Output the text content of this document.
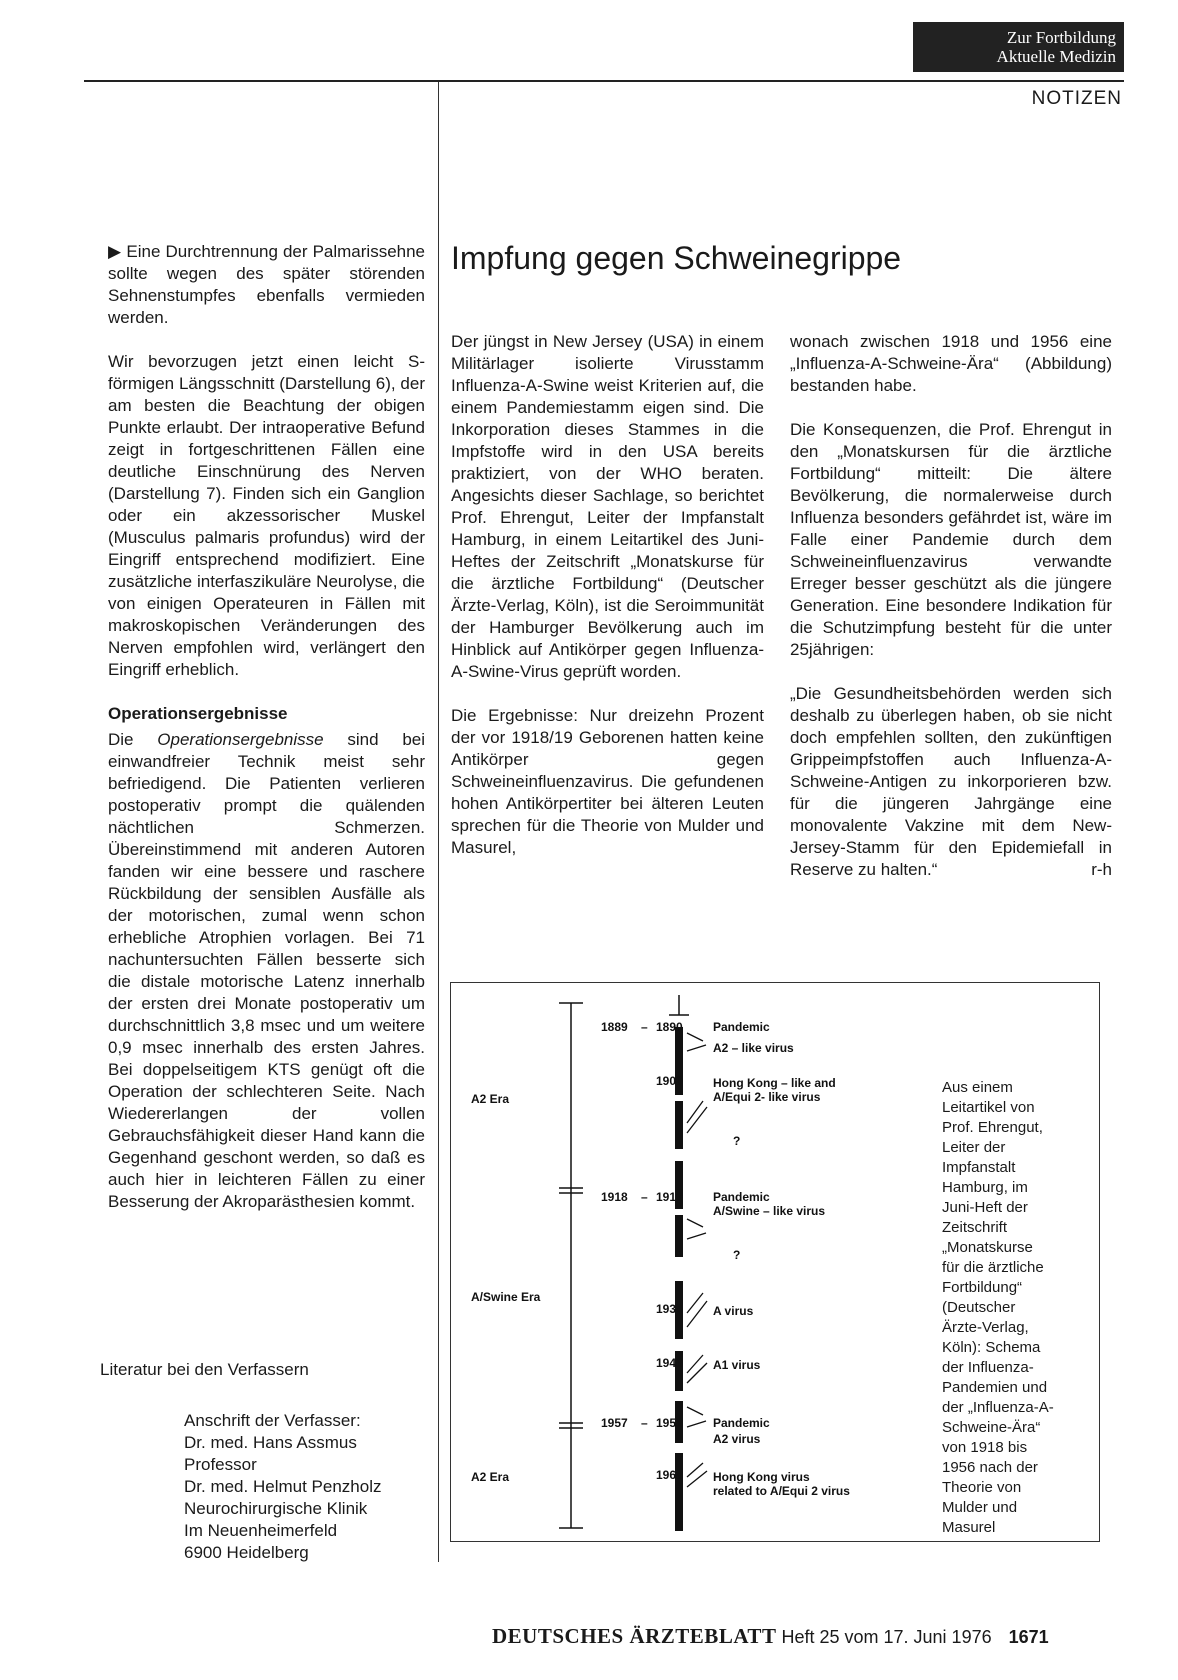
Zur Fortbildung
Aktuelle Medizin
NOTIZEN

▶ Eine Durchtrennung der Palmarissehne sollte wegen des später störenden Sehnenstumpfes ebenfalls vermieden werden.

Wir bevorzugen jetzt einen leicht S-förmigen Längsschnitt (Darstellung 6), der am besten die Beachtung der obigen Punkte erlaubt. Der intraoperative Befund zeigt in fortgeschrittenen Fällen eine deutliche Einschnürung des Nerven (Darstellung 7). Finden sich ein Ganglion oder ein akzessorischer Muskel (Musculus palmaris profundus) wird der Eingriff entsprechend modifiziert. Eine zusätzliche interfaszikuläre Neurolyse, die von einigen Operateuren in Fällen mit makroskopischen Veränderungen des Nerven empfohlen wird, verlängert den Eingriff erheblich.

Operationsergebnisse

Die Operationsergebnisse sind bei einwandfreier Technik meist sehr befriedigend. Die Patienten verlieren postoperativ prompt die quälenden nächtlichen Schmerzen. Übereinstimmend mit anderen Autoren fanden wir eine bessere und raschere Rückbildung der sensiblen Ausfälle als der motorischen, zumal wenn schon erhebliche Atrophien vorlagen. Bei 71 nachuntersuchten Fällen besserte sich die distale motorische Latenz innerhalb der ersten drei Monate postoperativ um durchschnittlich 3,8 msec und um weitere 0,9 msec innerhalb des ersten Jahres. Bei doppelseitigem KTS genügt oft die Operation der schlechteren Seite. Nach Wiedererlangen der vollen Gebrauchsfähigkeit dieser Hand kann die Gegenhand geschont werden, so daß es auch hier in leichteren Fällen zu einer Besserung der Akroparästhesien kommt.

Literatur bei den Verfassern
Anschrift der Verfasser:
Dr. med. Hans Assmus
Professor
Dr. med. Helmut Penzholz
Neurochirurgische Klinik
Im Neuenheimerfeld
6900 Heidelberg
Impfung gegen Schweinegrippe

Der jüngst in New Jersey (USA) in einem Militärlager isolierte Virusstamm Influenza-A-Swine weist Kriterien auf, die einem Pandemiestamm eigen sind. Die Inkorporation dieses Stammes in die Impfstoffe wird in den USA bereits praktiziert, von der WHO beraten. Angesichts dieser Sachlage, so berichtet Prof. Ehrengut, Leiter der Impfanstalt Hamburg, in einem Leitartikel des Juni-Heftes der Zeitschrift „Monatskurse für die ärztliche Fortbildung“ (Deutscher Ärzte-Verlag, Köln), ist die Seroimmunität der Hamburger Bevölkerung auch im Hinblick auf Antikörper gegen Influenza-A-Swine-Virus geprüft worden.

Die Ergebnisse: Nur dreizehn Prozent der vor 1918/19 Geborenen hatten keine Antikörper gegen Schweineinfluenzavirus. Die gefundenen hohen Antikörpertiter bei älteren Leuten sprechen für die Theorie von Mulder und Masurel,

wonach zwischen 1918 und 1956 eine „Influenza-A-Schweine-Ära“ (Abbildung) bestanden habe.

Die Konsequenzen, die Prof. Ehrengut in den „Monatskursen für die ärztliche Fortbildung“ mitteilt: Die ältere Bevölkerung, die normalerweise durch Influenza besonders gefährdet ist, wäre im Falle einer Pandemie durch dem Schweineinfluenzavirus verwandte Erreger besser geschützt als die jüngere Generation. Eine besondere Indikation für die Schutzimpfung besteht für die unter 25jährigen:

„Die Gesundheitsbehörden werden sich deshalb zu überlegen haben, ob sie nicht doch empfehlen sollten, den zukünftigen Grippeimpfstoffen auch Influenza-A-Schweine-Antigen zu inkorporieren bzw. für die jüngeren Jahrgänge eine monovalente Vakzine mit dem New-Jersey-Stamm für den Epidemiefall in Reserve zu halten.“	r-h

A2 Era
A/Swine Era
A2 Era
1889 – 1890	Pandemic
A2 – like virus
1900	Hong Kong – like and
A/Equi 2- like virus
?
1918 – 1919	Pandemic
A/Swine – like virus
?
1934	A virus
1946	A1 virus
1957 – 1958	Pandemic
A2 virus
1968	Hong Kong virus
related to A/Equi 2 virus
Aus einem
Leitartikel von
Prof. Ehrengut,
Leiter der
Impfanstalt
Hamburg, im
Juni-Heft der
Zeitschrift
„Monatskurse
für die ärztliche
Fortbildung“
(Deutscher
Ärzte-Verlag,
Köln): Schema
der Influenza-
Pandemien und
der „Influenza-A-
Schweine-Ära“
von 1918 bis
1956 nach der
Theorie von
Mulder und
Masurel
DEUTSCHES ÄRZTEBLATT Heft 25 vom 17. Juni 1976 1671
